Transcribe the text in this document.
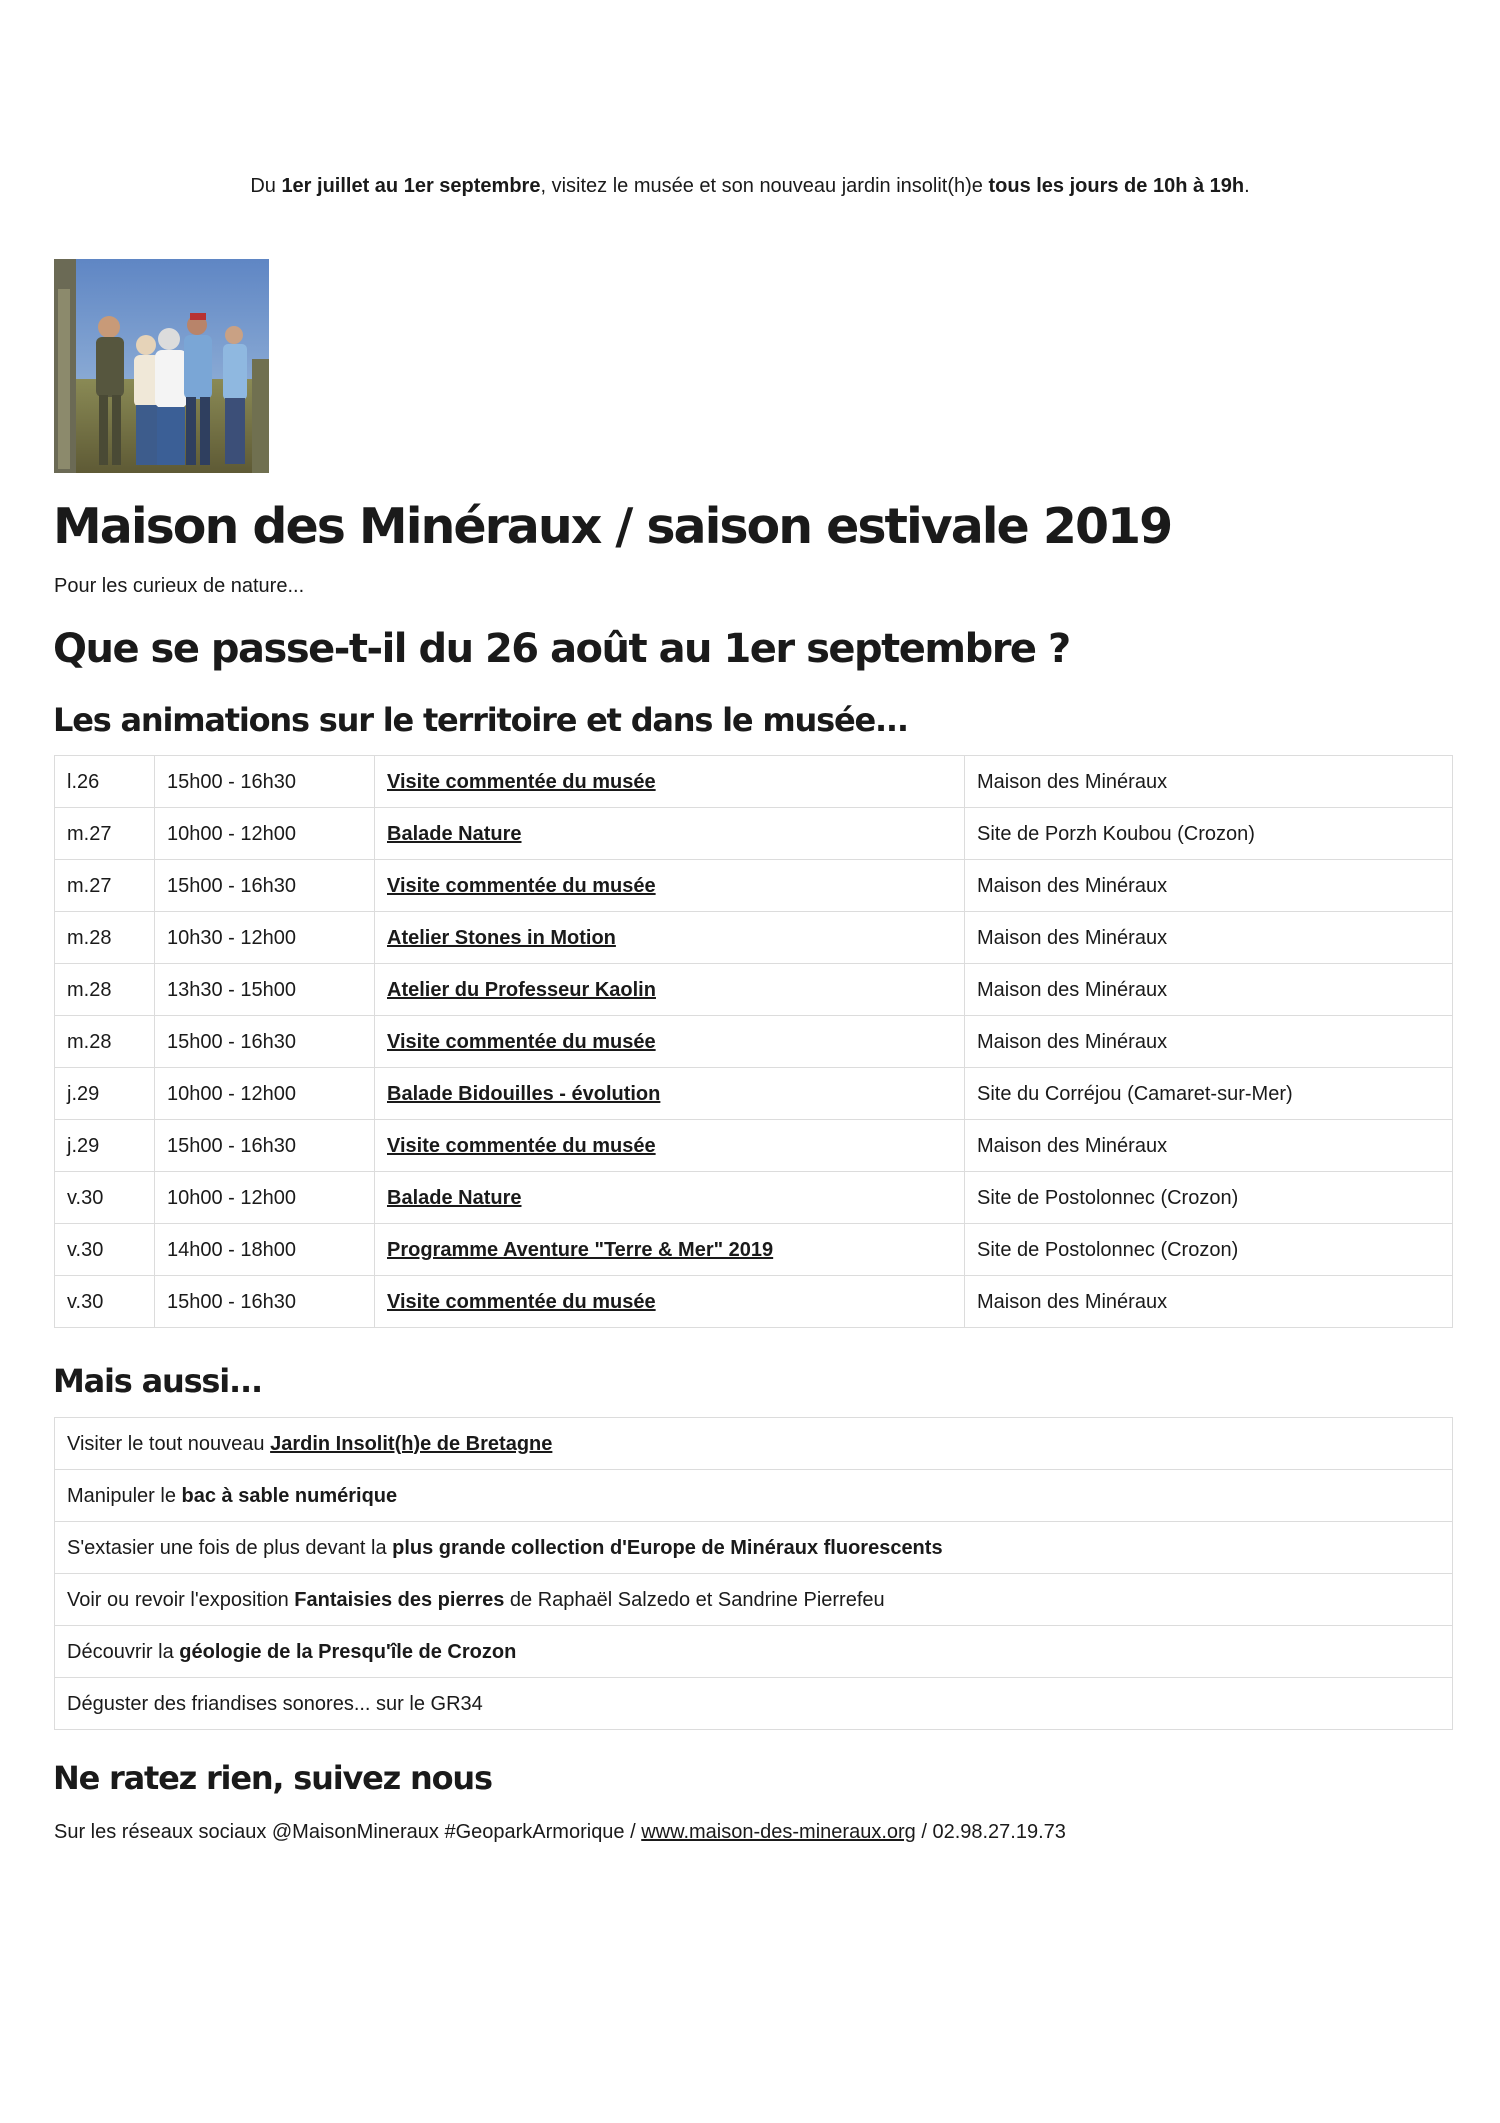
Du 1er juillet au 1er septembre, visitez le musée et son nouveau jardin insolit(h)e tous les jours de 10h à 19h.
Maison des Minéraux / saison estivale 2019

Pour les curieux de nature...

Que se passe-t-il du 26 août au 1er septembre ?
Les animations sur le territoire et dans le musée...
l.26	15h00 - 16h30	Visite commentée du musée	Maison des Minéraux
m.27	10h00 - 12h00	Balade Nature	Site de Porzh Koubou (Crozon)
m.27	15h00 - 16h30	Visite commentée du musée	Maison des Minéraux
m.28	10h30 - 12h00	Atelier Stones in Motion	Maison des Minéraux
m.28	13h30 - 15h00	Atelier du Professeur Kaolin	Maison des Minéraux
m.28	15h00 - 16h30	Visite commentée du musée	Maison des Minéraux
j.29	10h00 - 12h00	Balade Bidouilles - évolution	Site du Corréjou (Camaret-sur-Mer)
j.29	15h00 - 16h30	Visite commentée du musée	Maison des Minéraux
v.30	10h00 - 12h00	Balade Nature	Site de Postolonnec (Crozon)
v.30	14h00 - 18h00	Programme Aventure "Terre & Mer" 2019	Site de Postolonnec (Crozon)
v.30	15h00 - 16h30	Visite commentée du musée	Maison des Minéraux
Mais aussi...
Visiter le tout nouveau Jardin Insolit(h)e de Bretagne
Manipuler le bac à sable numérique
S'extasier une fois de plus devant la plus grande collection d'Europe de Minéraux fluorescents
Voir ou revoir l'exposition Fantaisies des pierres de Raphaël Salzedo et Sandrine Pierrefeu
Découvrir la géologie de la Presqu'île de Crozon
Déguster des friandises sonores... sur le GR34
Ne ratez rien, suivez nous

Sur les réseaux sociaux @MaisonMineraux #GeoparkArmorique / www.maison-des-mineraux.org / 02.98.27.19.73
